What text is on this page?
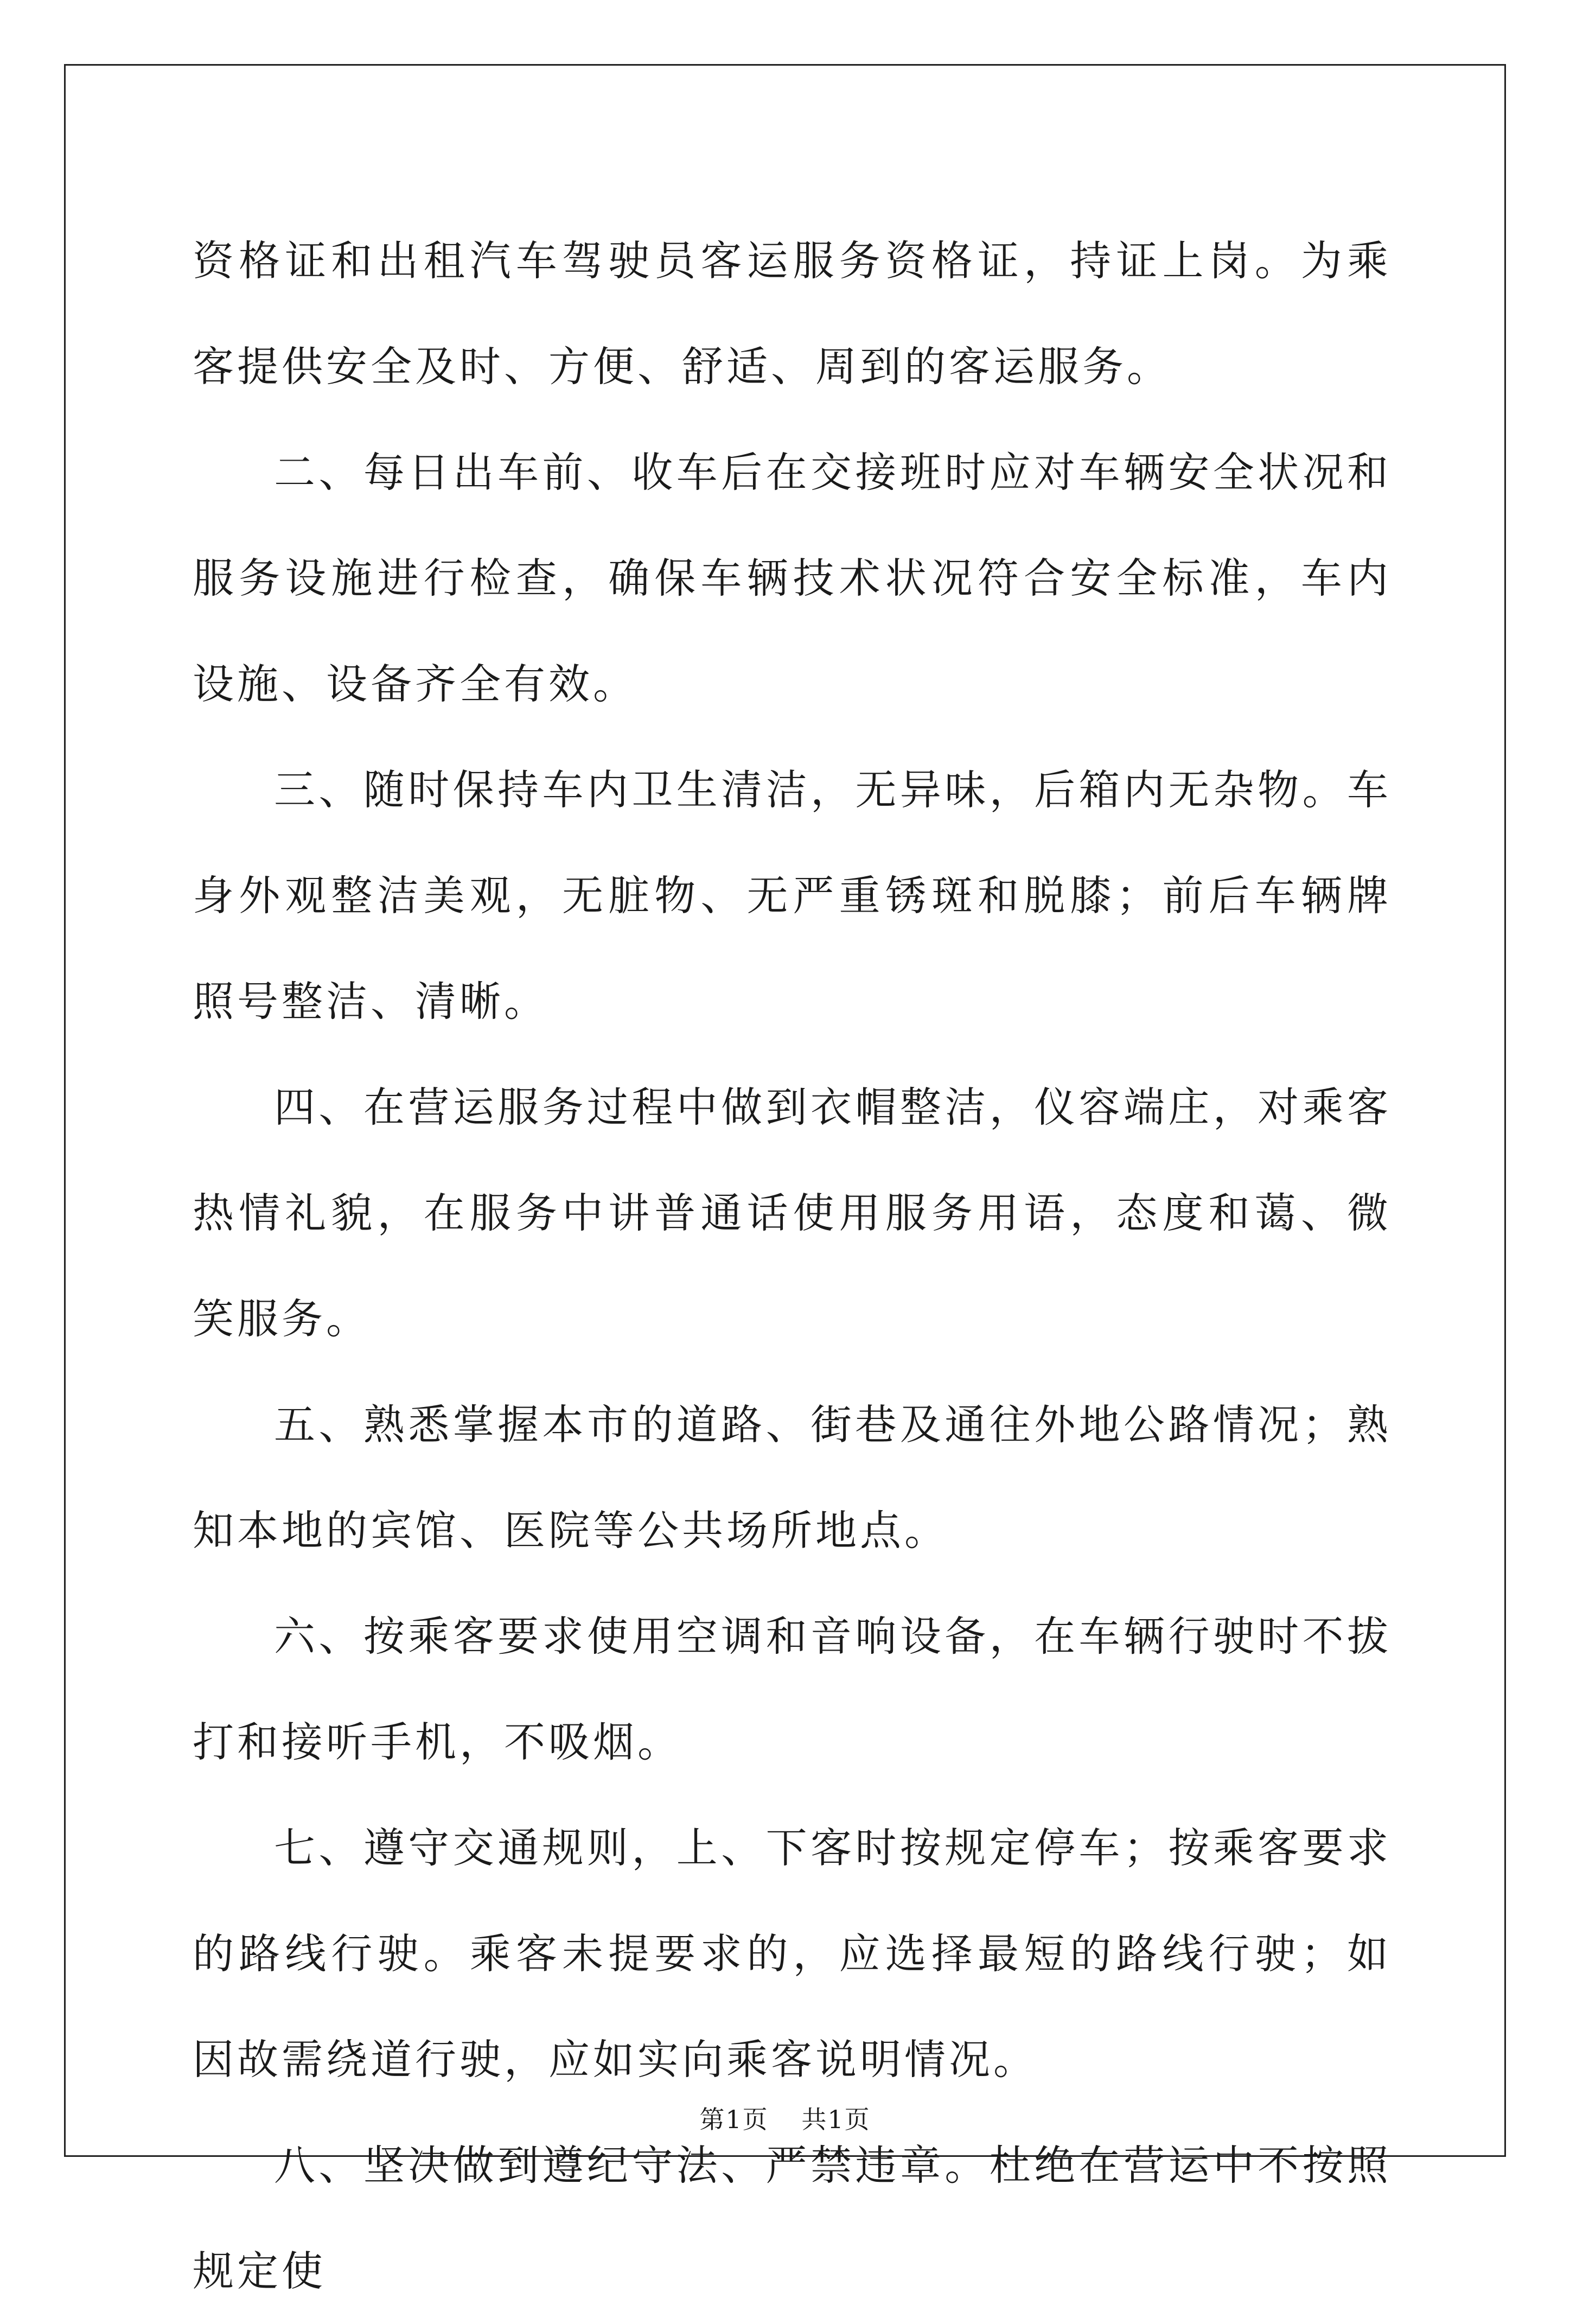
资格证和出租汽车驾驶员客运服务资格证，持证上岗。为乘客提供安全及时、方便、舒适、周到的客运服务。

二、每日出车前、收车后在交接班时应对车辆安全状况和服务设施进行检查，确保车辆技术状况符合安全标准，车内设施、设备齐全有效。

三、随时保持车内卫生清洁，无异味，后箱内无杂物。车身外观整洁美观，无脏物、无严重锈斑和脱膝；前后车辆牌照号整洁、清晰。

四、在营运服务过程中做到衣帽整洁，仪容端庄，对乘客热情礼貌，在服务中讲普通话使用服务用语，态度和蔼、微笑服务。

五、熟悉掌握本市的道路、街巷及通往外地公路情况；熟知本地的宾馆、医院等公共场所地点。

六、按乘客要求使用空调和音响设备，在车辆行驶时不拔打和接听手机，不吸烟。

七、遵守交通规则，上、下客时按规定停车；按乘客要求的路线行驶。乘客未提要求的，应选择最短的路线行驶；如因故需绕道行驶，应如实向乘客说明情况。

八、坚决做到遵纪守法、严禁违章。杜绝在营运中不按照规定使

第1页 共1页
